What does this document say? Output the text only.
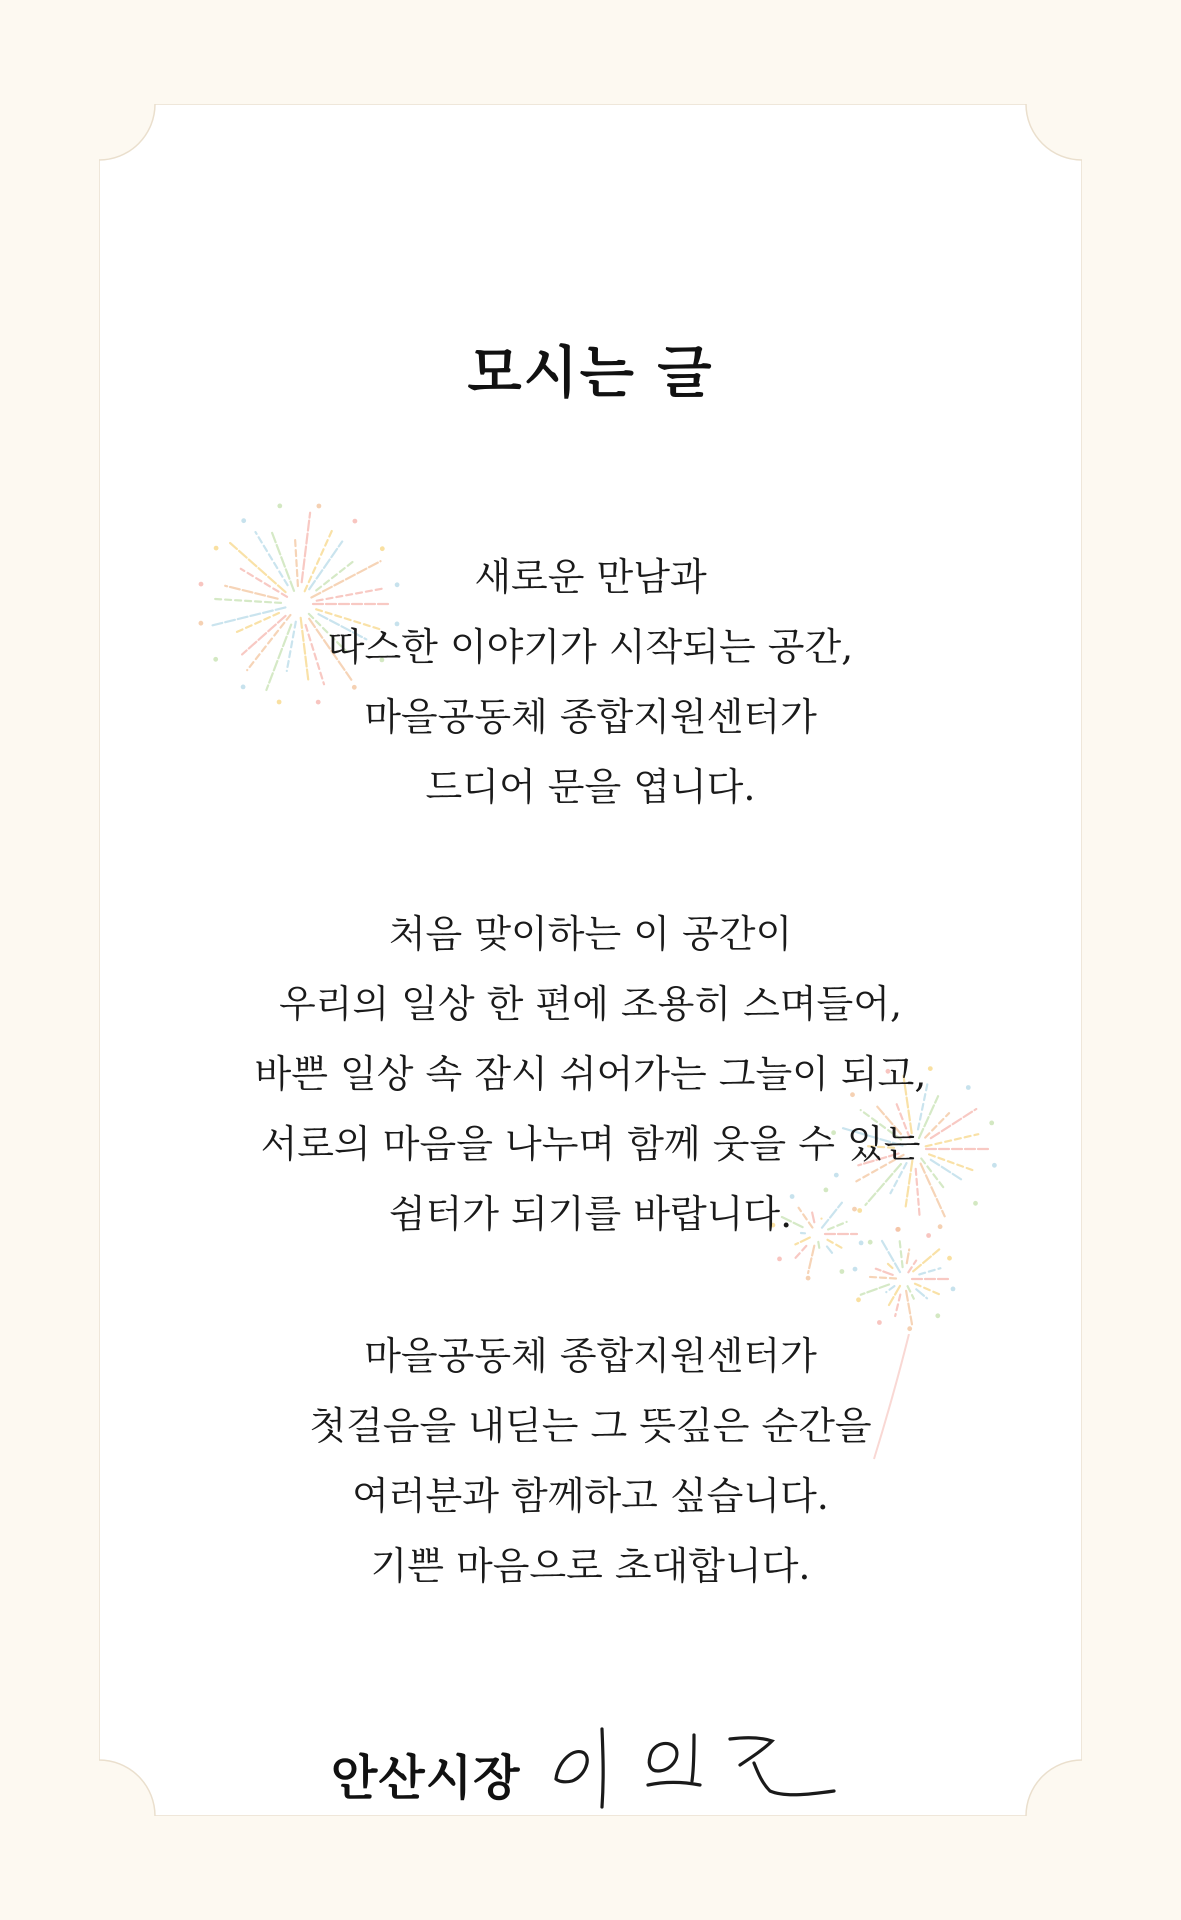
모시는 글
새로운 만남과
따스한 이야기가 시작되는 공간,
마을공동체 종합지원센터가
드디어 문을 엽니다.
처음 맞이하는 이 공간이
우리의 일상 한 편에 조용히 스며들어,
바쁜 일상 속 잠시 쉬어가는 그늘이 되고,
서로의 마음을 나누며 함께 웃을 수 있는
쉼터가 되기를 바랍니다.
마을공동체 종합지원센터가
첫걸음을 내딛는 그 뜻깊은 순간을
여러분과 함께하고 싶습니다.
기쁜 마음으로 초대합니다.
안산시장
